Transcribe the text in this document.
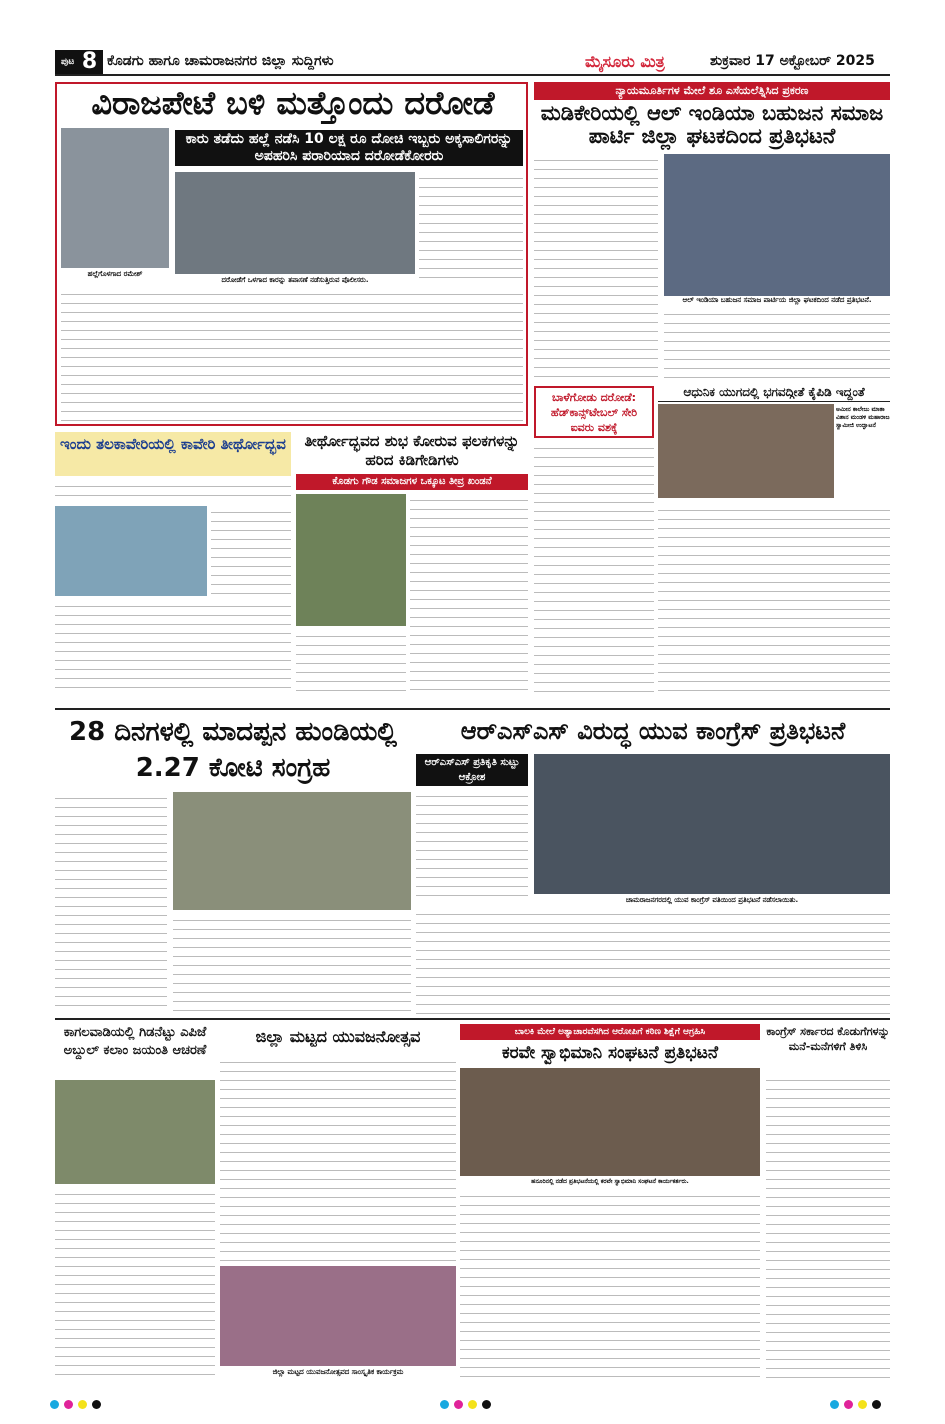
$^{ಪುಟ}$ 8 ಕೊಡಗು ಹಾಗೂ ಚಾಮರಾಜನಗರ ಜಿಲ್ಲಾ ಸುದ್ದಿಗಳು	ಮೈಸೂರು ಮಿತ್ರ	ಶುಕ್ರವಾರ 17 ಅಕ್ಟೋಬರ್ 2025
ವಿರಾಜಪೇಟೆ ಬಳಿ ಮತ್ತೊಂದು ದರೋಡೆ
ಹಲ್ಲೆಗೊಳಗಾದ ರಮೇಶ್
ಕಾರು ತಡೆದು ಹಲ್ಲೆ ನಡೆಸಿ 10 ಲಕ್ಷ ರೂ ದೋಚಿ ಇಬ್ಬರು ಅಕ್ಕಸಾಲಿಗರನ್ನು ಅಪಹರಿಸಿ ಪರಾರಿಯಾದ ದರೋಡೆಕೋರರು
ದರೋಡೆಗೆ ಒಳಗಾದ ಕಾರನ್ನು ತಪಾಸಣೆ ನಡೆಸುತ್ತಿರುವ ಪೊಲೀಸರು.
ನ್ಯಾಯಮೂರ್ತಿಗಳ ಮೇಲೆ ಶೂ ಎಸೆಯಲೆತ್ನಿಸಿದ ಪ್ರಕರಣ
ಮಡಿಕೇರಿಯಲ್ಲಿ ಆಲ್ ಇಂಡಿಯಾ ಬಹುಜನ ಸಮಾಜ ಪಾರ್ಟಿ ಜಿಲ್ಲಾ ಘಟಕದಿಂದ ಪ್ರತಿಭಟನೆ
ಆಲ್ ಇಂಡಿಯಾ ಬಹುಜನ ಸಮಾಜ ಪಾರ್ಟಿಯ ಜಿಲ್ಲಾ ಘಟಕದಿಂದ ನಡೆದ ಪ್ರತಿಭಟನೆ.
ಬಾಳೆಗೋಡು ದರೋಡೆ: ಹೆಡ್‌ಕಾನ್ಸ್‌ಟೇಬಲ್ ಸೇರಿ ಐವರು ವಶಕ್ಕೆ
ಆಧುನಿಕ ಯುಗದಲ್ಲಿ ಭಗವದ್ಗೀತೆ ಕೈಪಿಡಿ ಇದ್ದಂತೆ
ಅಮೀನ ಕಾಲೇಜು ಮಾತಾ ವಿಶಾನ ಮಂಡಳಿ ಮಹಾರಾಜ ಸ್ವಾಮೀಜಿ ಉದ್ಘಾಟನೆ
ಇಂದು ತಲಕಾವೇರಿಯಲ್ಲಿ ಕಾವೇರಿ ತೀರ್ಥೋದ್ಭವ	ತೀರ್ಥೋದ್ಭವದ ಶುಭ ಕೋರುವ ಫಲಕಗಳನ್ನು ಹರಿದ ಕಿಡಿಗೇಡಿಗಳು
ಕೊಡಗು ಗೌಡ ಸಮಾಜಗಳ ಒಕ್ಕೂಟ ತೀವ್ರ ಖಂಡನೆ
28 ದಿನಗಳಲ್ಲಿ ಮಾದಪ್ಪನ ಹುಂಡಿಯಲ್ಲಿ 2.27 ಕೋಟಿ ಸಂಗ್ರಹ
ಆರ್‌ಎಸ್‌ಎಸ್ ವಿರುದ್ಧ ಯುವ ಕಾಂಗ್ರೆಸ್ ಪ್ರತಿಭಟನೆ
ಆರ್‌ಎಸ್‌ಎಸ್ ಪ್ರತಿಕೃತಿ ಸುಟ್ಟು ಆಕ್ರೋಶ
ಚಾಮರಾಜನಗರದಲ್ಲಿ ಯುವ ಕಾಂಗ್ರೆಸ್ ವತಿಯಿಂದ ಪ್ರತಿಭಟನೆ ನಡೆಸಲಾಯಿತು.
ಕಾಗಲವಾಡಿಯಲ್ಲಿ ಗಿಡನೆಟ್ಟು ಎಪಿಜೆ ಅಬ್ದುಲ್ ಕಲಾಂ ಜಯಂತಿ ಆಚರಣೆ
ಜಿಲ್ಲಾ ಮಟ್ಟದ ಯುವಜನೋತ್ಸವ
ಜಿಲ್ಲಾ ಮಟ್ಟದ ಯುವಜನೋತ್ಸವದ ಸಾಂಸ್ಕೃತಿಕ ಕಾರ್ಯಕ್ರಮ
ಬಾಲಕಿ ಮೇಲೆ ಅತ್ಯಾಚಾರವೆಸಗಿದ ಆರೋಪಿಗೆ ಕಠಿಣ ಶಿಕ್ಷೆಗೆ ಆಗ್ರಹಿಸಿ
ಕರವೇ ಸ್ವಾಭಿಮಾನಿ ಸಂಘಟನೆ ಪ್ರತಿಭಟನೆ
ಹನೂರಿನಲ್ಲಿ ನಡೆದ ಪ್ರತಿಭಟನೆಯಲ್ಲಿ ಕರವೇ ಸ್ವಾಭಿಮಾನಿ ಸಂಘಟನೆ ಕಾರ್ಯಕರ್ತರು.
ಕಾಂಗ್ರೆಸ್ ಸರ್ಕಾರದ ಕೊಡುಗೆಗಳನ್ನು ಮನೆ-ಮನೆಗಳಿಗೆ ತಿಳಿಸಿ
